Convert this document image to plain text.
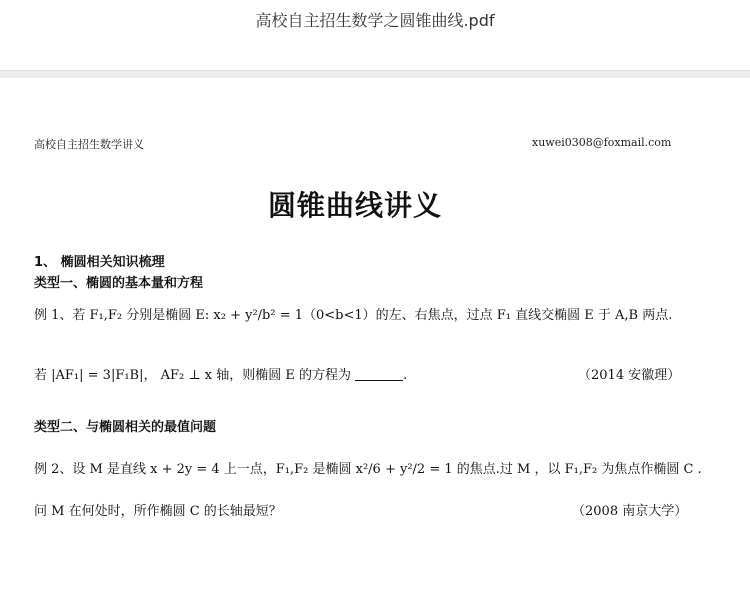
高校自主招生数学之圆锥曲线.pdf
高校自主招生数学讲义	xuwei0308@foxmail.com
圆锥曲线讲义
1、 椭圆相关知识梳理
类型一、椭圆的基本量和方程
例 1、若 F₁,F₂ 分别是椭圆 E: x₂ + y²/b² = 1（0<b<1）的左、右焦点，过点 F₁ 直线交椭圆 E 于 A,B 两点.
若 |AF₁| = 3|F₁B|， AF₂ ⊥ x 轴，则椭圆 E 的方程为	.	（2014 安徽理）
类型二、与椭圆相关的最值问题
例 2、设 M 是直线 x + 2y = 4 上一点，F₁,F₂ 是椭圆 x²/6 + y²/2 = 1 的焦点.过 M ，以 F₁,F₂ 为焦点作椭圆 C .
问 M 在何处时，所作椭圆 C 的长轴最短？	（2008 南京大学）
